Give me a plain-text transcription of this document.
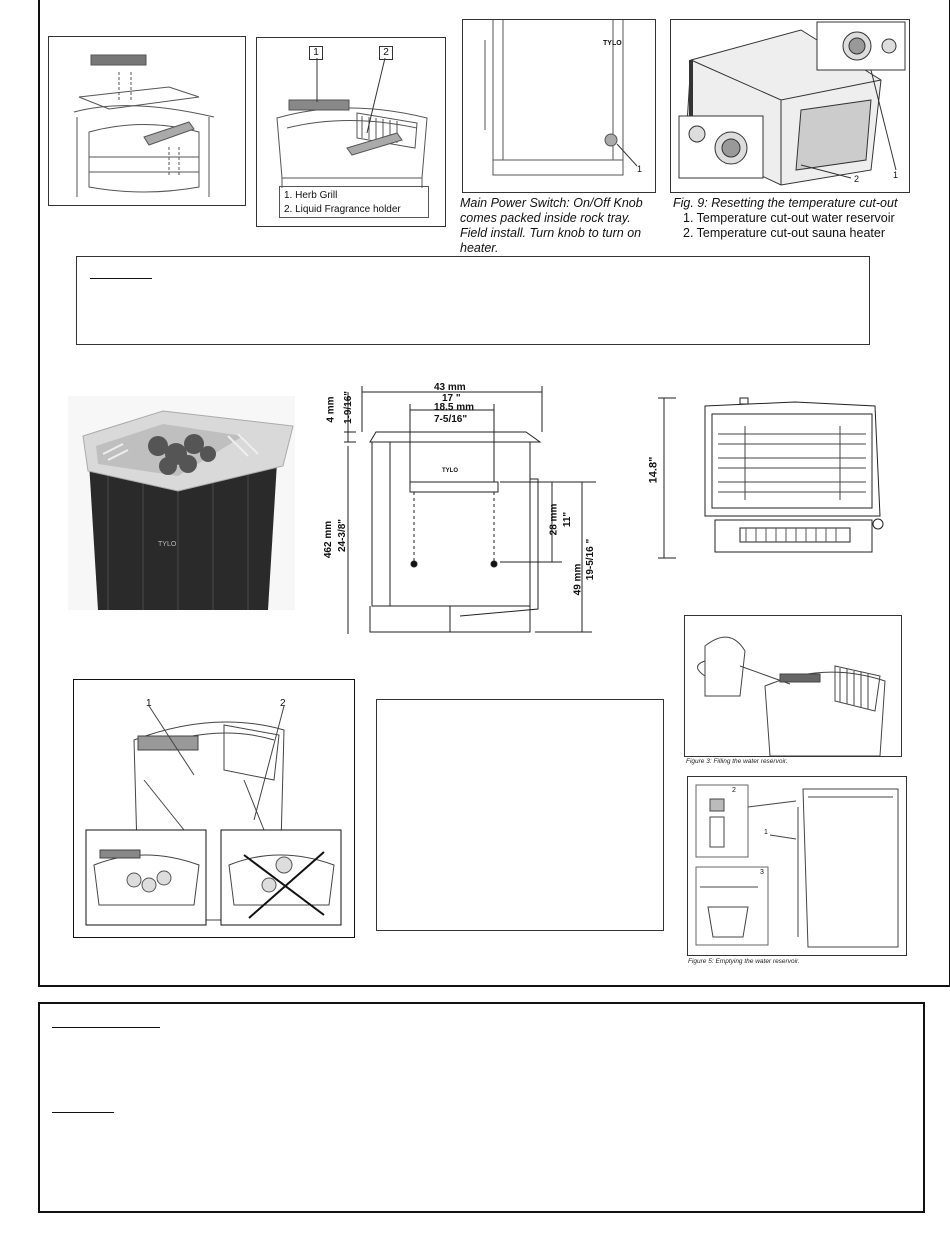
1	2
1. Herb Grill
2. Liquid Fragrance holder
1
TYLO
Main Power Switch: On/Off Knob comes packed inside rock tray. Field install. Turn knob to turn on heater.
1
2
Fig. 9: Resetting the temperature cut-out
1. Temperature cut-out water reservoir
2. Temperature cut-out sauna heater
TYLO
43 mm
17 "
18.5 mm
7-5/16"
4 mm 1-9/16"
462 mm 24-3/8"	28 mm 11"
49 mm 19-5/16 "
TYLO	14.8"
1	2
Figure 3: Filling the water reservoir.
1
2
3
Figure 5: Emptying the water reservoir.
